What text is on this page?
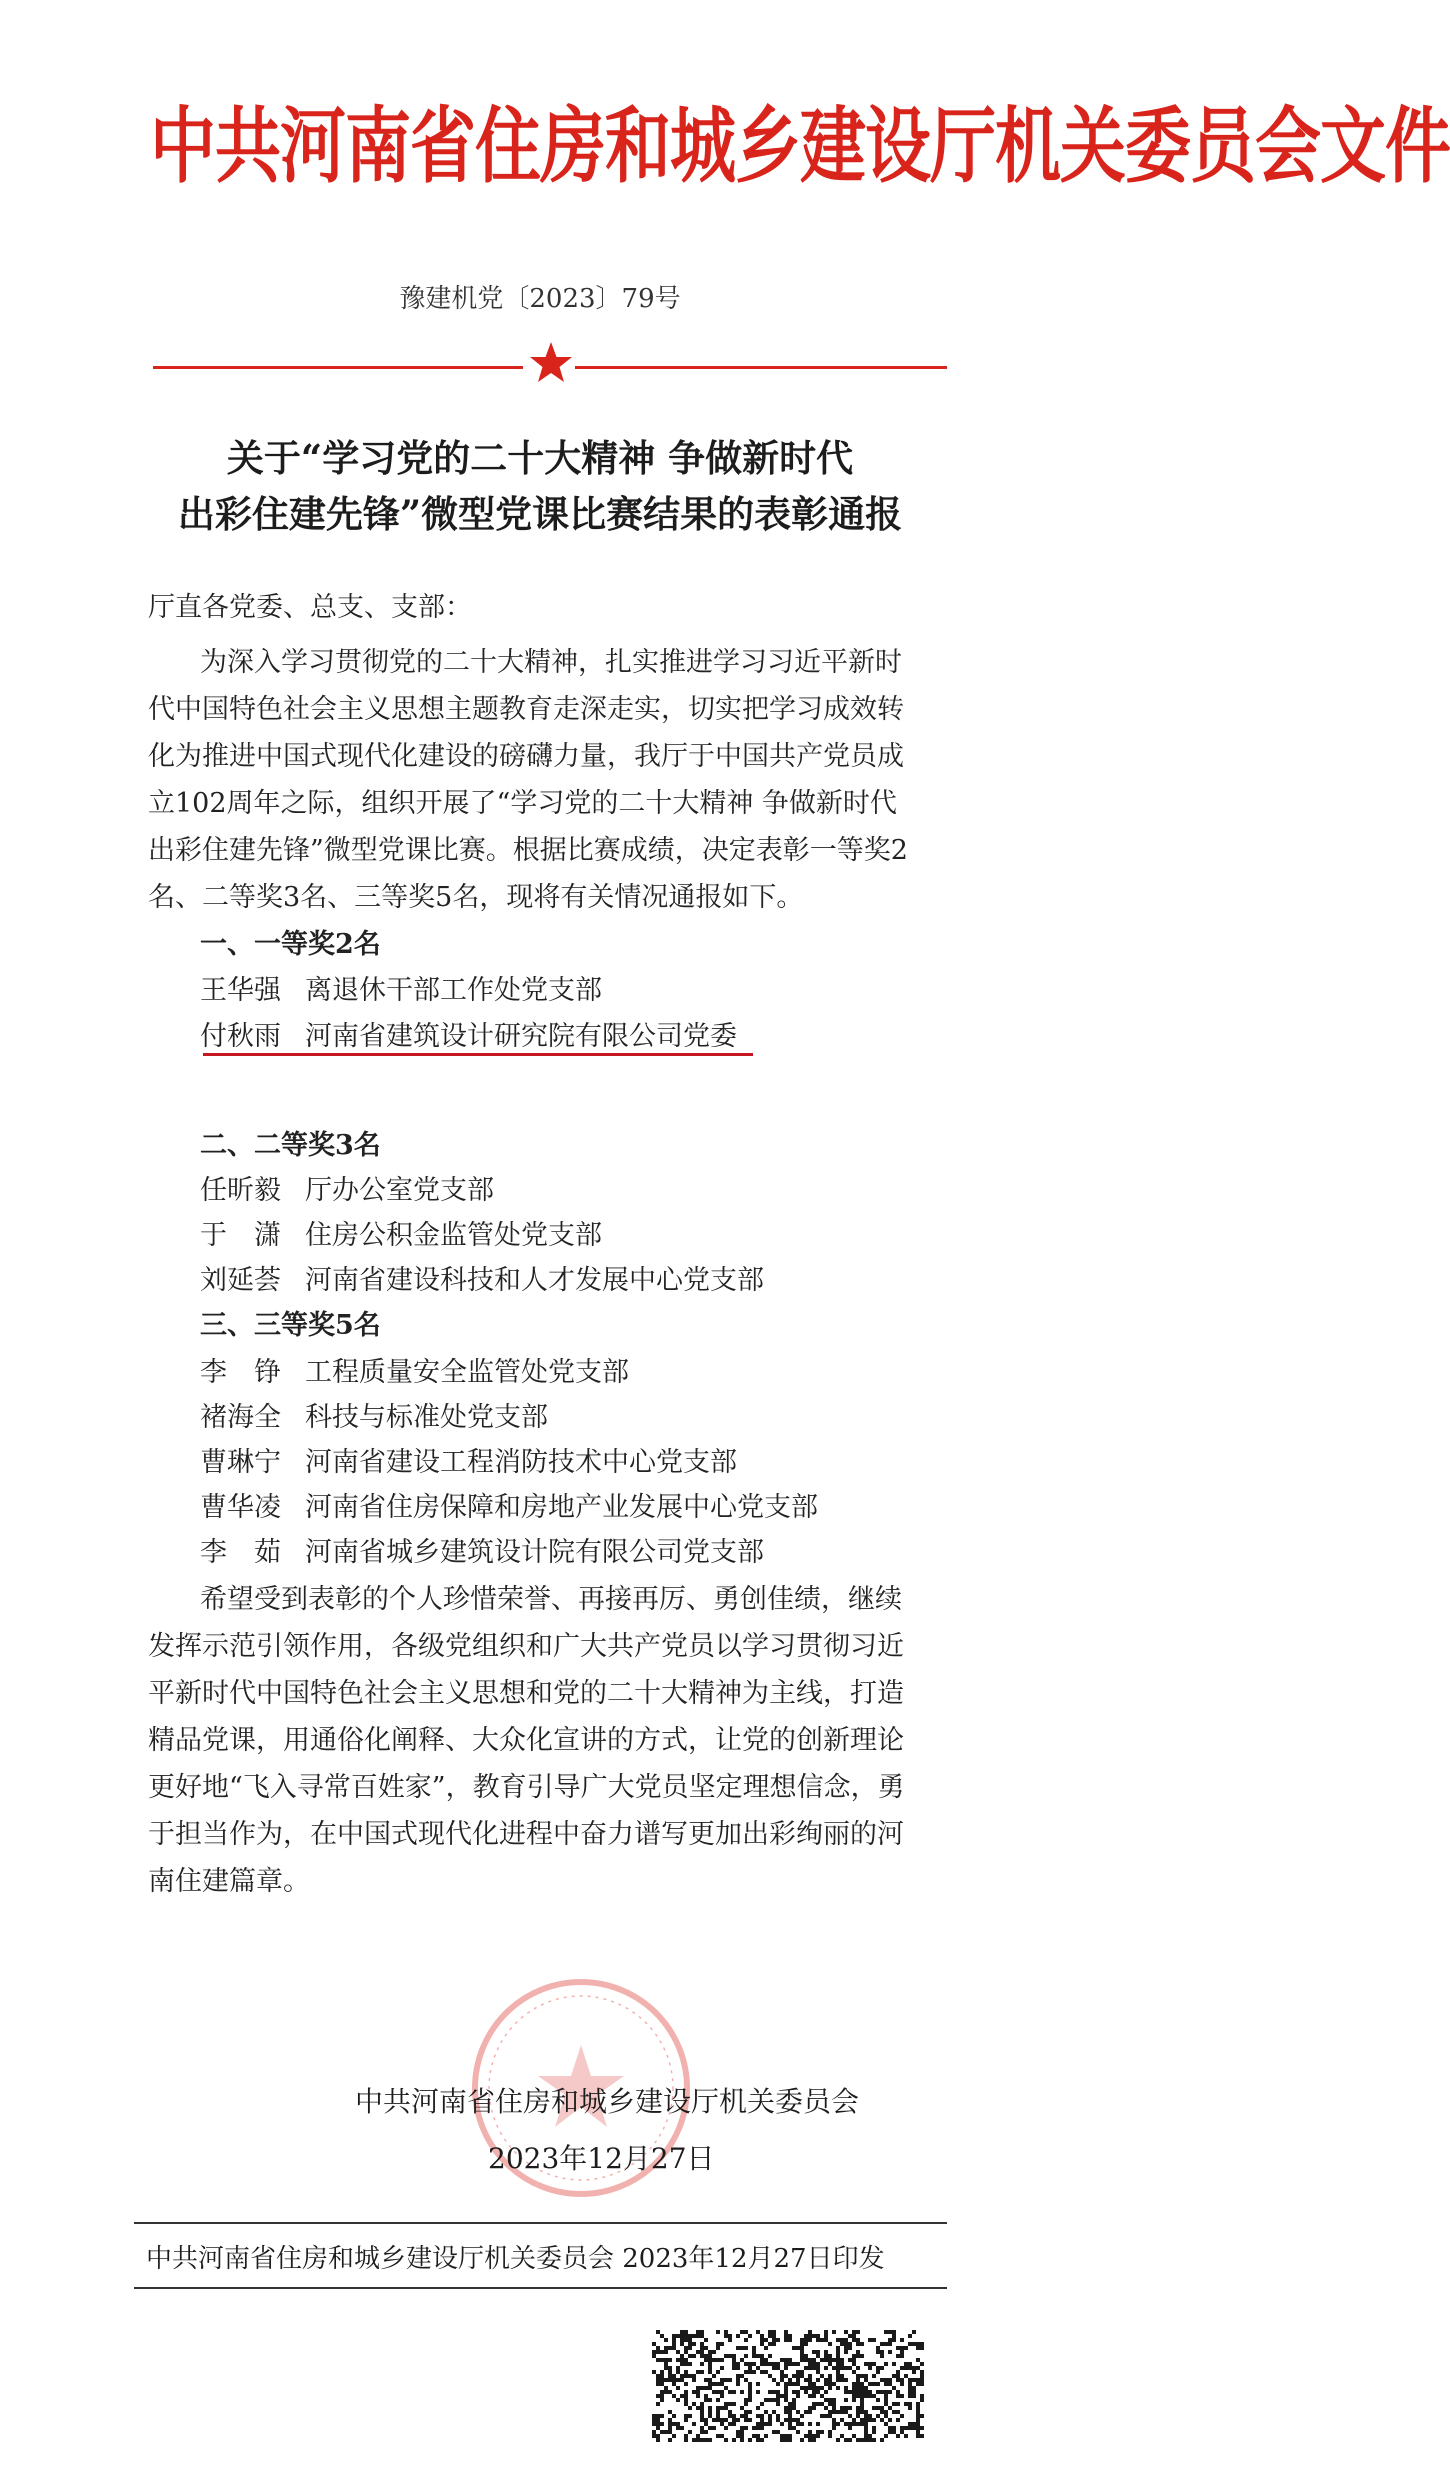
中共河南省住房和城乡建设厅机关委员会文件
豫建机党〔2023〕79号
关于“学习党的二十大精神 争做新时代
出彩住建先锋”微型党课比赛结果的表彰通报
厅直各党委、总支、支部：
为深入学习贯彻党的二十大精神，扎实推进学习习近平新时
代中国特色社会主义思想主题教育走深走实，切实把学习成效转
化为推进中国式现代化建设的磅礴力量，我厅于中国共产党员成
立102周年之际，组织开展了“学习党的二十大精神 争做新时代
出彩住建先锋”微型党课比赛。根据比赛成绩，决定表彰一等奖2
名、二等奖3名、三等奖5名，现将有关情况通报如下。
一、一等奖2名
王华强 离退休干部工作处党支部
付秋雨 河南省建筑设计研究院有限公司党委
二、二等奖3名
任昕毅 厅办公室党支部
于　潇 住房公积金监管处党支部
刘延荟 河南省建设科技和人才发展中心党支部
三、三等奖5名
李　铮 工程质量安全监管处党支部
褚海全 科技与标准处党支部
曹琳宁 河南省建设工程消防技术中心党支部
曹华凌 河南省住房保障和房地产业发展中心党支部
李　茹 河南省城乡建筑设计院有限公司党支部
希望受到表彰的个人珍惜荣誉、再接再厉、勇创佳绩，继续
发挥示范引领作用，各级党组织和广大共产党员以学习贯彻习近
平新时代中国特色社会主义思想和党的二十大精神为主线，打造
精品党课，用通俗化阐释、大众化宣讲的方式，让党的创新理论
更好地“飞入寻常百姓家”，教育引导广大党员坚定理想信念，勇
于担当作为，在中国式现代化进程中奋力谱写更加出彩绚丽的河
南住建篇章。
中共河南省住房和城乡建设厅机关委员会
2023年12月27日
中共河南省住房和城乡建设厅机关委员会 2023年12月27日印发
